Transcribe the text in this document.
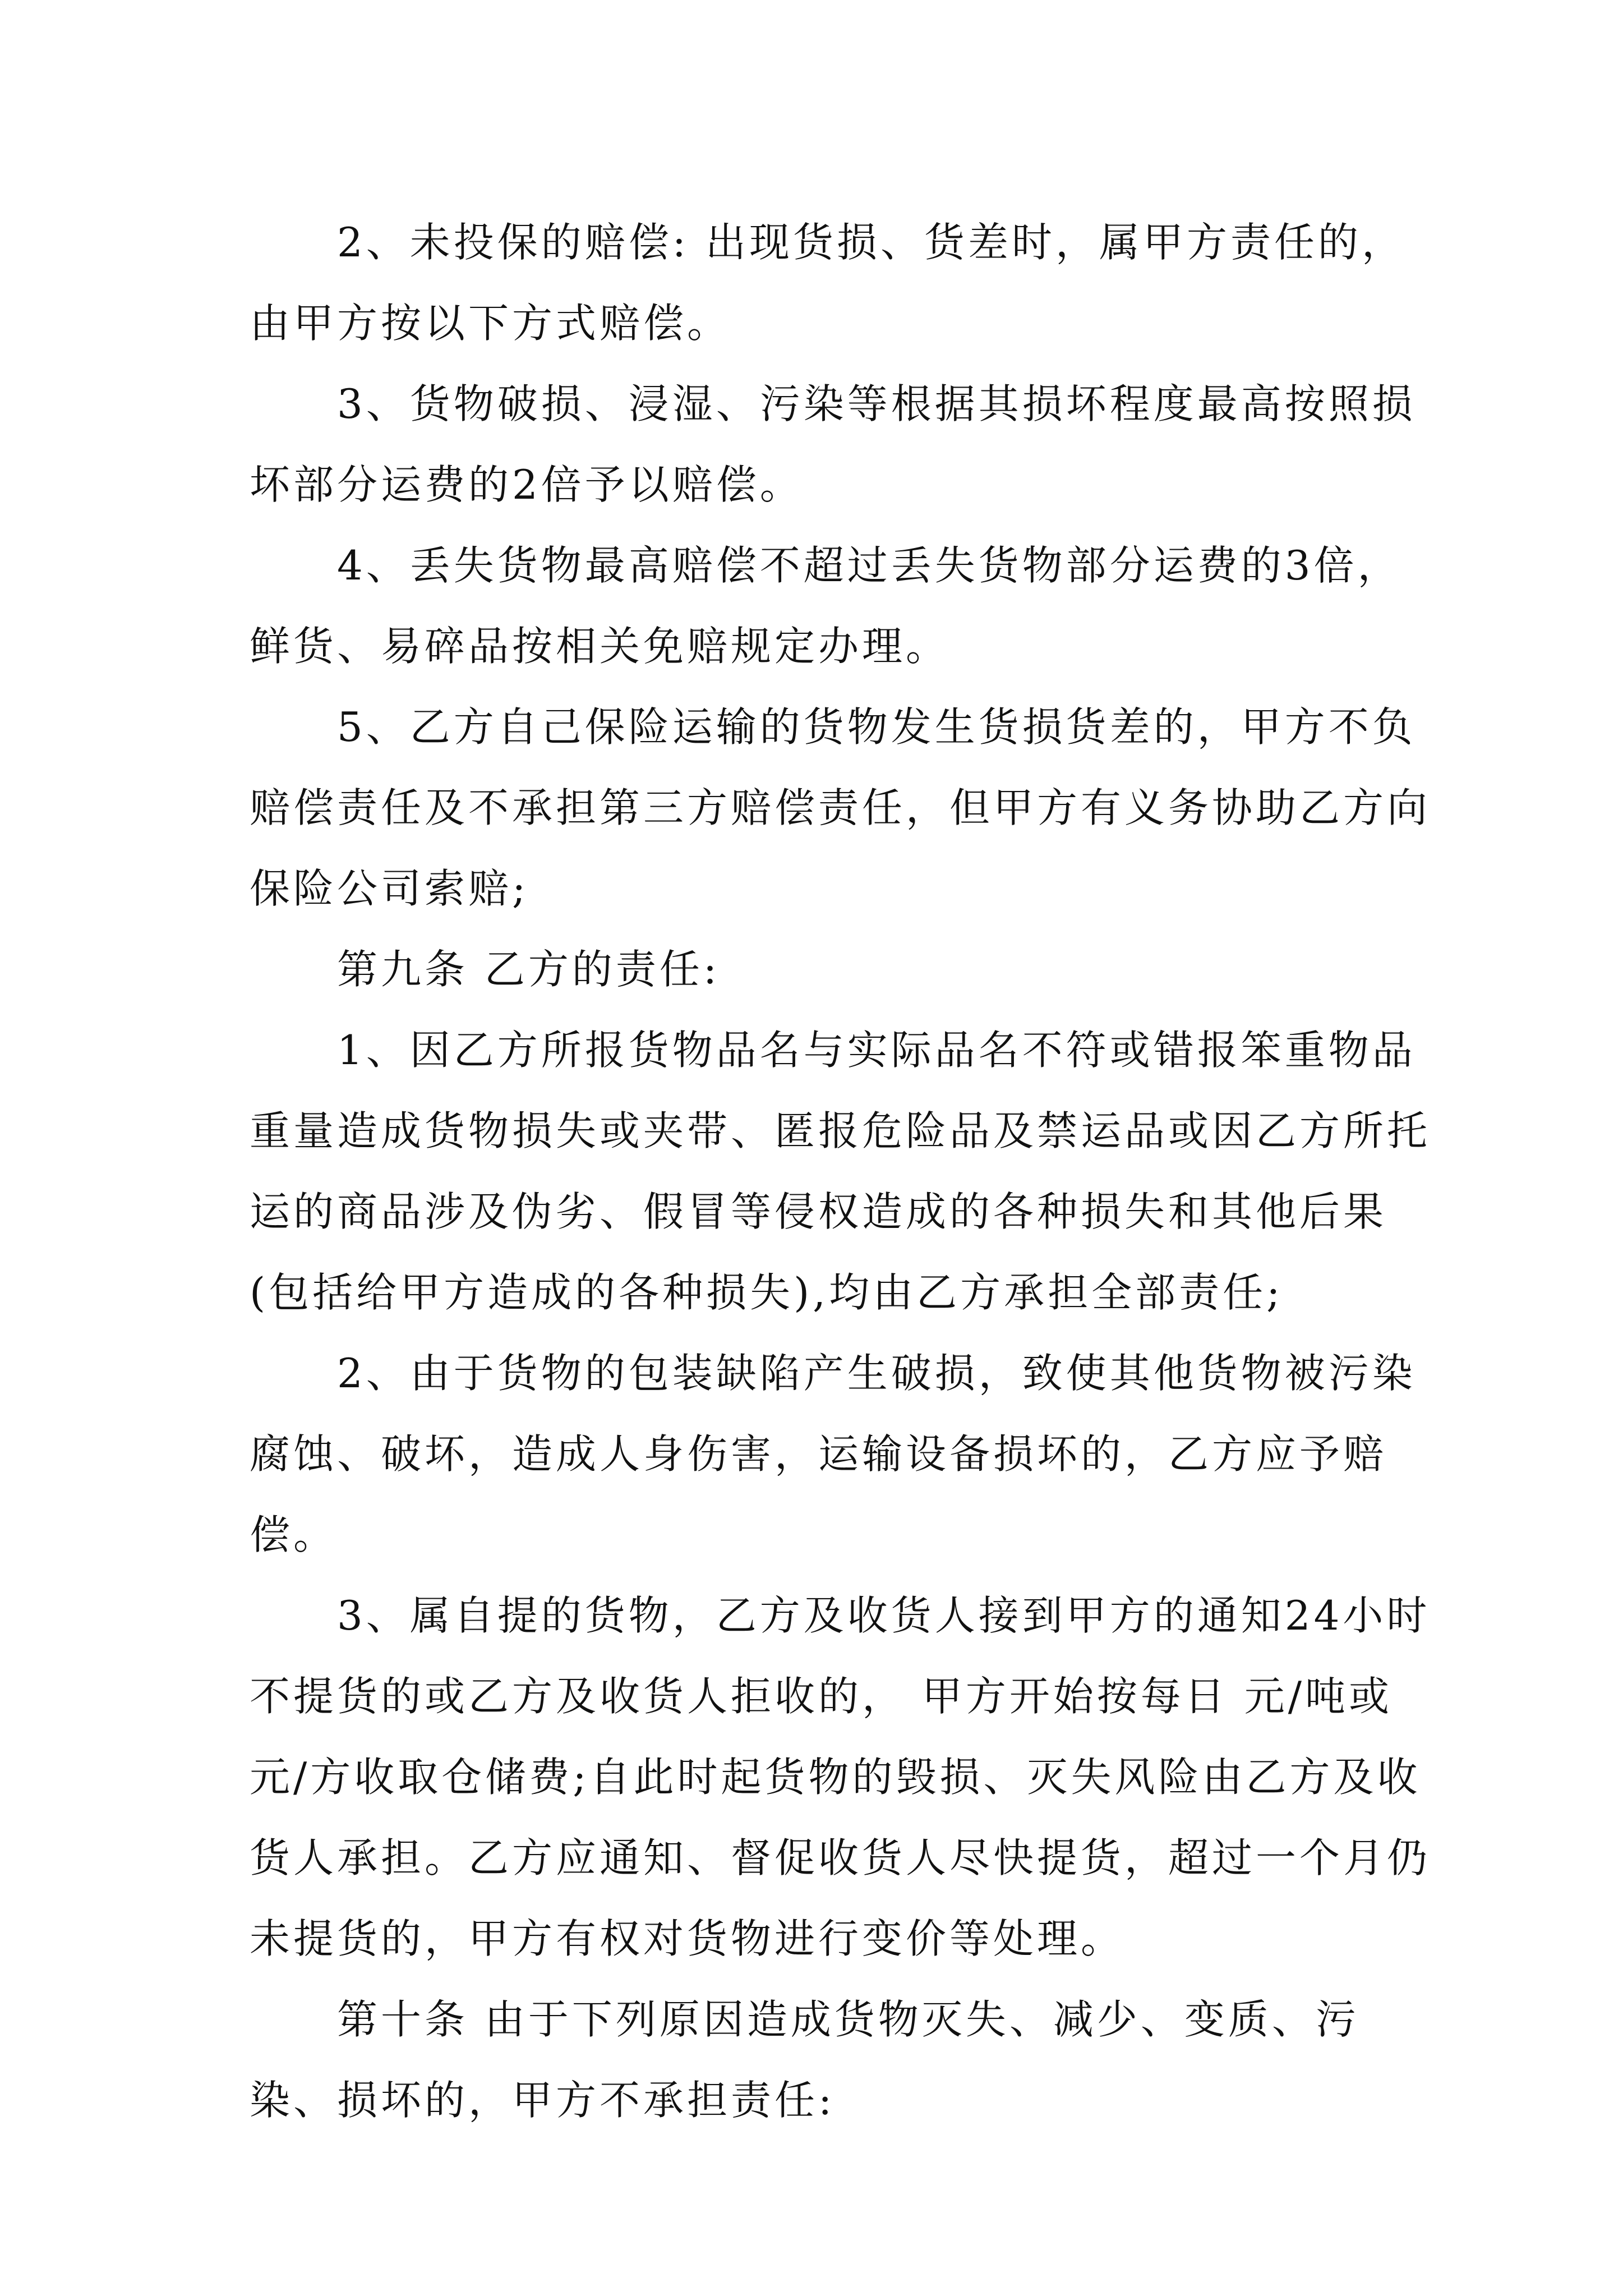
2、未投保的赔偿: 出现货损、货差时，属甲方责任的，由甲方按以下方式赔偿。

3、货物破损、浸湿、污染等根据其损坏程度最高按照损坏部分运费的2倍予以赔偿。

4、丢失货物最高赔偿不超过丢失货物部分运费的3倍，鲜货、易碎品按相关免赔规定办理。

5、乙方自己保险运输的货物发生货损货差的，甲方不负赔偿责任及不承担第三方赔偿责任，但甲方有义务协助乙方向保险公司索赔;

第九条 乙方的责任:

1、因乙方所报货物品名与实际品名不符或错报笨重物品重量造成货物损失或夹带、匿报危险品及禁运品或因乙方所托运的商品涉及伪劣、假冒等侵权造成的各种损失和其他后果(包括给甲方造成的各种损失),均由乙方承担全部责任;

2、由于货物的包装缺陷产生破损，致使其他货物被污染腐蚀、破坏，造成人身伤害，运输设备损坏的，乙方应予赔偿。

3、属自提的货物，乙方及收货人接到甲方的通知24小时不提货的或乙方及收货人拒收的， 甲方开始按每日 元/吨或元/方收取仓储费;自此时起货物的毁损、灭失风险由乙方及收货人承担。乙方应通知、督促收货人尽快提货，超过一个月仍未提货的，甲方有权对货物进行变价等处理。

第十条 由于下列原因造成货物灭失、减少、变质、污染、损坏的，甲方不承担责任:
